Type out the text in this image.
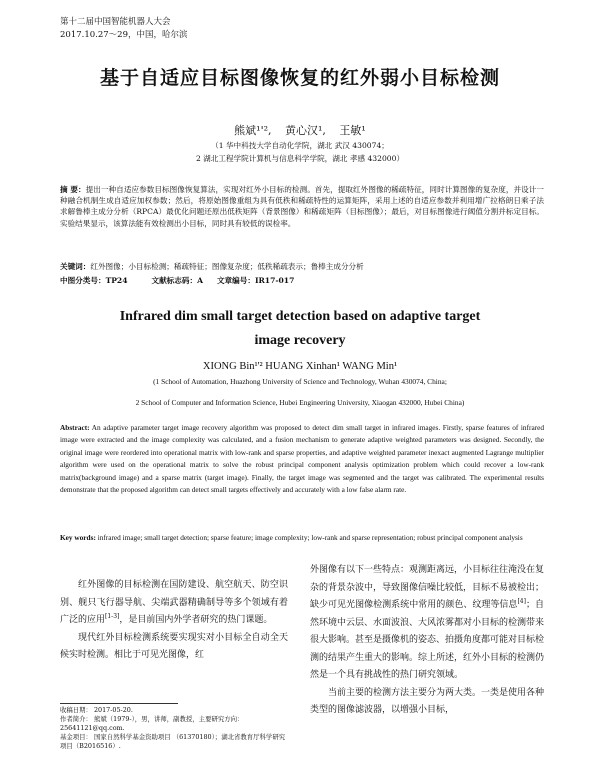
第十二届中国智能机器人大会
2017.10.27～29，中国，哈尔滨
基于自适应目标图像恢复的红外弱小目标检测
熊斌¹'², 黄心汉¹, 王敏¹
（1 华中科技大学自动化学院，湖北 武汉 430074；
2 湖北工程学院计算机与信息科学学院，湖北 孝感 432000）
摘 要：提出一种自适应参数目标图像恢复算法，实现对红外小目标的检测。首先，提取红外图像的稀疏特征，同时计算图像的复杂度，并设计一种融合机制生成自适应加权参数；然后，将原始图像重组为具有低秩和稀疏特性的运算矩阵，采用上述的自适应参数并利用增广拉格朗日乘子法求解鲁棒主成分分析（RPCA）最优化问题还原出低秩矩阵（背景图像）和稀疏矩阵（目标图像）；最后，对目标图像进行阈值分割并标定目标。实验结果显示，该算法能有效检测出小目标，同时具有较低的误检率。
关键词：红外图像；小目标检测；稀疏特征；图像复杂度；低秩稀疏表示；鲁棒主成分分析
中图分类号：TP24	文献标志码：A 文章编号：IR17-017
Infrared dim small target detection based on adaptive target
image recovery
XIONG Bin¹'² HUANG Xinhan¹ WANG Min¹
(1 School of Automation, Huazhong University of Science and Technology, Wuhan 430074, China;
2 School of Computer and Information Science, Hubei Engineering University, Xiaogan 432000, Hubei China)
Abstract: An adaptive parameter target image recovery algorithm was proposed to detect dim small target in infrared images. Firstly, sparse features of infrared image were extracted and the image complexity was calculated, and a fusion mechanism to generate adaptive weighted parameters was designed. Secondly, the original image were reordered into operational matrix with low-rank and sparse properties, and adaptive weighted parameter inexact augmented Lagrange multiplier algorithm were used on the operational matrix to solve the robust principal component analysis optimization problem which could recover a low-rank matrix(background image) and a sparse matrix (target image). Finally, the target image was segmented and the target was calibrated. The experimental results demonstrate that the proposed algorithm can detect small targets effectively and accurately with a low false alarm rate.
Key words: infrared image; small target detection; sparse feature; image complexity; low-rank and sparse representation; robust principal component analysis

红外图像的目标检测在国防建设、航空航天、防空识别、舰只飞行器导航、尖端武器精确制导等多个领域有着广泛的应用[1-3]，是目前国内外学者研究的热门课题。

现代红外目标检测系统要实现实对小目标全自动全天候实时检测。相比于可见光图像，红

外图像有以下一些特点：观测距离远，小目标往往淹没在复杂的背景杂波中，导致图像信噪比较低，目标不易被检出；缺少可见光图像检测系统中常用的颜色、纹理等信息[4]；自然环境中云层、水面波浪、大风浓雾都对小目标的检测带来很大影响。甚至是摄像机的姿态、拍摄角度都可能对目标检测的结果产生重大的影响。综上所述，红外小目标的检测仍然是一个具有挑战性的热门研究领域。

当前主要的检测方法主要分为两大类。一类是使用各种类型的图像滤波器，以增强小目标，

收稿日期： 2017-05-20.
作者简介： 熊斌（1979-），男，讲师，副教授，主要研究方向：
25641121@qq.com.
基金项目： 国家自然科学基金资助项目 （61370180）；湖北省教育厅科学研究项目（B2016516）.
